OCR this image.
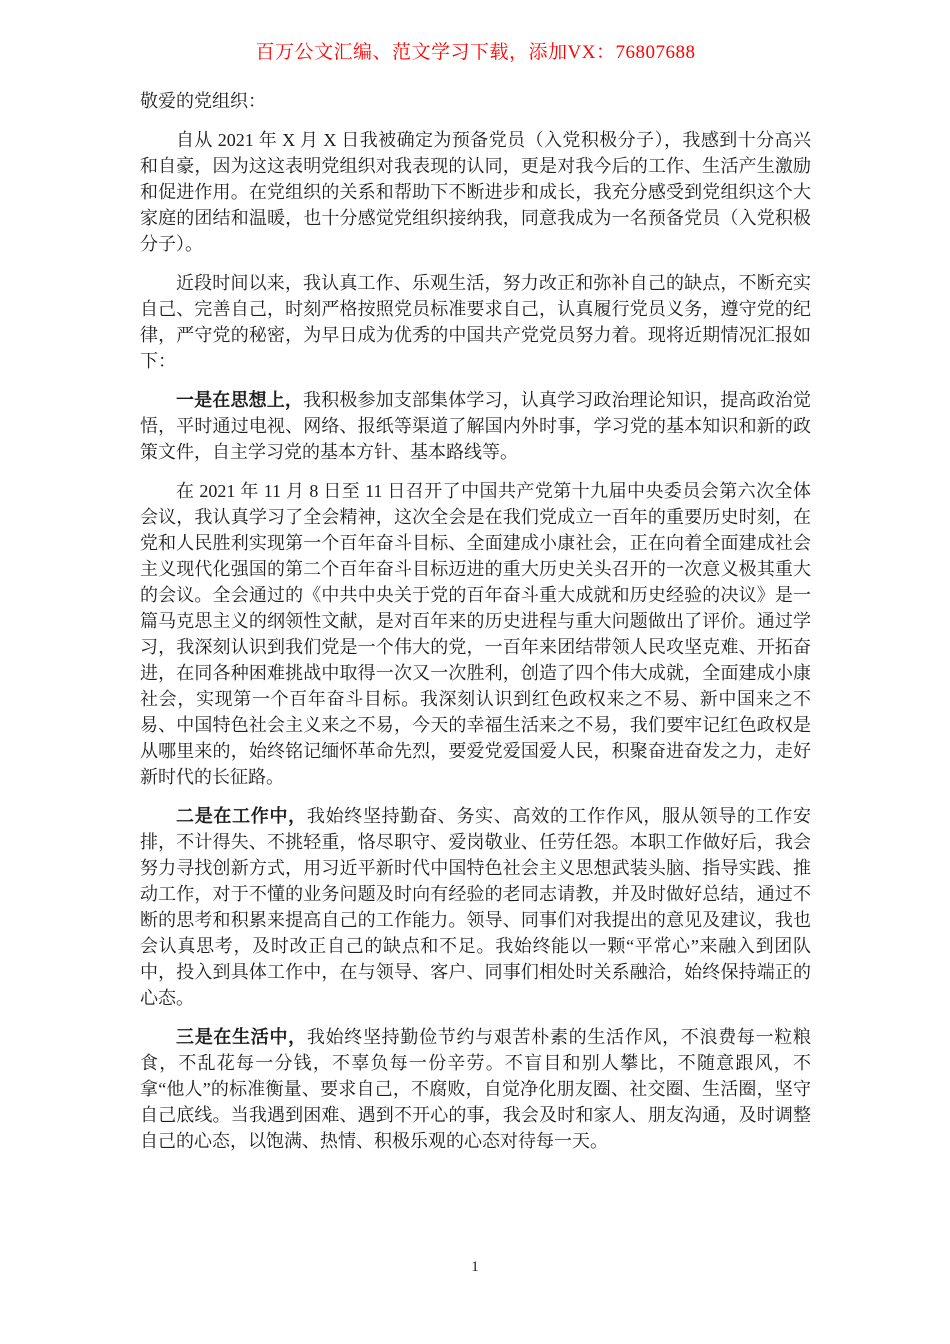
百万公文汇编、范文学习下载，添加VX：76807688
敬爱的党组织：

自从 2021 年 X 月 X 日我被确定为预备党员（入党积极分子），我感到十分高兴和自豪，因为这这表明党组织对我表现的认同，更是对我今后的工作、生活产生激励和促进作用。在党组织的关系和帮助下不断进步和成长，我充分感受到党组织这个大家庭的团结和温暖，也十分感觉党组织接纳我，同意我成为一名预备党员（入党积极分子）。

近段时间以来，我认真工作、乐观生活，努力改正和弥补自己的缺点，不断充实自己、完善自己，时刻严格按照党员标准要求自己，认真履行党员义务，遵守党的纪律，严守党的秘密，为早日成为优秀的中国共产党党员努力着。现将近期情况汇报如下：

一是在思想上，我积极参加支部集体学习，认真学习政治理论知识，提高政治觉悟，平时通过电视、网络、报纸等渠道了解国内外时事，学习党的基本知识和新的政策文件，自主学习党的基本方针、基本路线等。

在 2021 年 11 月 8 日至 11 日召开了中国共产党第十九届中央委员会第六次全体会议，我认真学习了全会精神，这次全会是在我们党成立一百年的重要历史时刻，在党和人民胜利实现第一个百年奋斗目标、全面建成小康社会，正在向着全面建成社会主义现代化强国的第二个百年奋斗目标迈进的重大历史关头召开的一次意义极其重大的会议。全会通过的《中共中央关于党的百年奋斗重大成就和历史经验的决议》是一篇马克思主义的纲领性文献，是对百年来的历史进程与重大问题做出了评价。通过学习，我深刻认识到我们党是一个伟大的党，一百年来团结带领人民攻坚克难、开拓奋进，在同各种困难挑战中取得一次又一次胜利，创造了四个伟大成就，全面建成小康社会，实现第一个百年奋斗目标。我深刻认识到红色政权来之不易、新中国来之不易、中国特色社会主义来之不易，今天的幸福生活来之不易，我们要牢记红色政权是从哪里来的，始终铭记缅怀革命先烈，要爱党爱国爱人民，积聚奋进奋发之力，走好新时代的长征路。

二是在工作中，我始终坚持勤奋、务实、高效的工作作风，服从领导的工作安排，不计得失、不挑轻重，恪尽职守、爱岗敬业、任劳任怨。本职工作做好后，我会努力寻找创新方式，用习近平新时代中国特色社会主义思想武装头脑、指导实践、推动工作，对于不懂的业务问题及时向有经验的老同志请教，并及时做好总结，通过不断的思考和积累来提高自己的工作能力。领导、同事们对我提出的意见及建议，我也会认真思考，及时改正自己的缺点和不足。我始终能以一颗“平常心”来融入到团队中，投入到具体工作中，在与领导、客户、同事们相处时关系融洽，始终保持端正的心态。

三是在生活中，我始终坚持勤俭节约与艰苦朴素的生活作风，不浪费每一粒粮食，不乱花每一分钱，不辜负每一份辛劳。不盲目和别人攀比，不随意跟风，不拿“他人”的标准衡量、要求自己，不腐败，自觉净化朋友圈、社交圈、生活圈，坚守自己底线。当我遇到困难、遇到不开心的事，我会及时和家人、朋友沟通，及时调整自己的心态，以饱满、热情、积极乐观的心态对待每一天。

1
